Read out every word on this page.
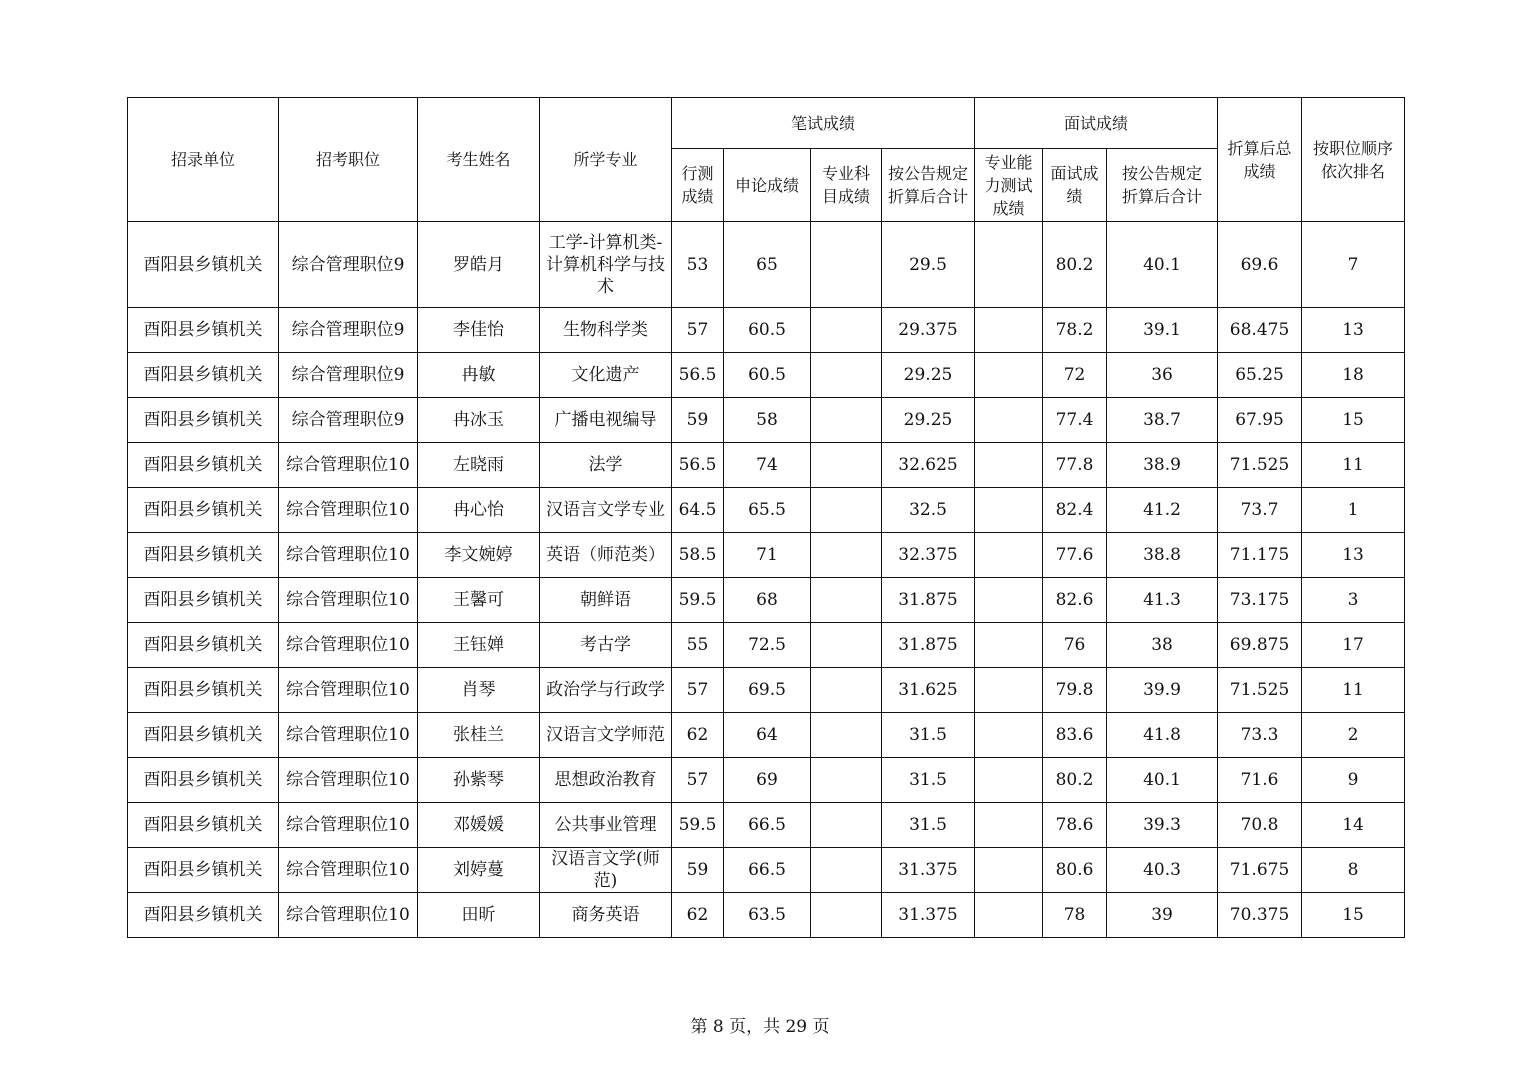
招录单位	招考职位	考生姓名	所学专业	笔试成绩				面试成绩			折算后总成绩	按职位顺序依次排名
				行测成绩	申论成绩	专业科目成绩	按公告规定折算后合计	专业能力测试成绩	面试成绩	按公告规定折算后合计		
酉阳县乡镇机关	综合管理职位9	罗皓月	工学-计算机类-计算机科学与技术	53	65		29.5		80.2	40.1	69.6	7
酉阳县乡镇机关	综合管理职位9	李佳怡	生物科学类	57	60.5		29.375		78.2	39.1	68.475	13
酉阳县乡镇机关	综合管理职位9	冉敏	文化遗产	56.5	60.5		29.25		72	36	65.25	18
酉阳县乡镇机关	综合管理职位9	冉冰玉	广播电视编导	59	58		29.25		77.4	38.7	67.95	15
酉阳县乡镇机关	综合管理职位10	左晓雨	法学	56.5	74		32.625		77.8	38.9	71.525	11
酉阳县乡镇机关	综合管理职位10	冉心怡	汉语言文学专业	64.5	65.5		32.5		82.4	41.2	73.7	1
酉阳县乡镇机关	综合管理职位10	李文婉婷	英语（师范类）	58.5	71		32.375		77.6	38.8	71.175	13
酉阳县乡镇机关	综合管理职位10	王馨可	朝鲜语	59.5	68		31.875		82.6	41.3	73.175	3
酉阳县乡镇机关	综合管理职位10	王钰婵	考古学	55	72.5		31.875		76	38	69.875	17
酉阳县乡镇机关	综合管理职位10	肖琴	政治学与行政学	57	69.5		31.625		79.8	39.9	71.525	11
酉阳县乡镇机关	综合管理职位10	张桂兰	汉语言文学师范	62	64		31.5		83.6	41.8	73.3	2
酉阳县乡镇机关	综合管理职位10	孙紫琴	思想政治教育	57	69		31.5		80.2	40.1	71.6	9
酉阳县乡镇机关	综合管理职位10	邓媛媛	公共事业管理	59.5	66.5		31.5		78.6	39.3	70.8	14
酉阳县乡镇机关	综合管理职位10	刘婷蔓	汉语言文学(师范)	59	66.5		31.375		80.6	40.3	71.675	8
酉阳县乡镇机关	综合管理职位10	田昕	商务英语	62	63.5		31.375		78	39	70.375	15
第 8 页，共 29 页
